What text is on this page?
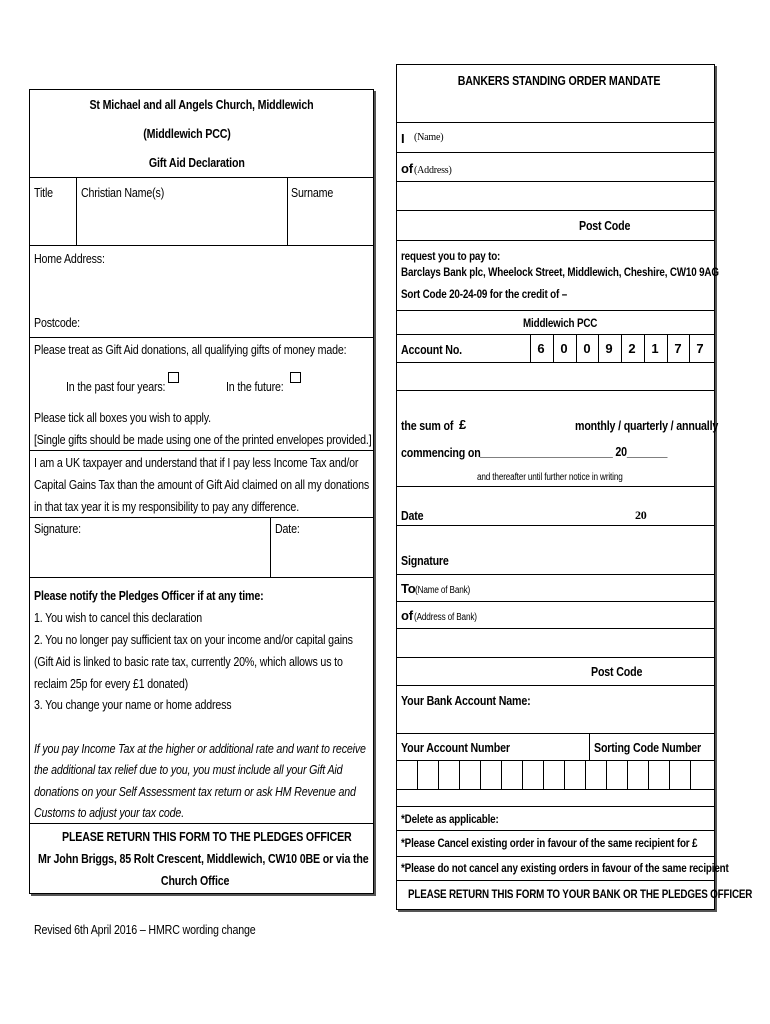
St Michael and all Angels Church, Middlewich
(Middlewich PCC)
Gift Aid Declaration
Title Christian Name(s)	Surname
Home Address:
Postcode:
Please treat as Gift Aid donations, all qualifying gifts of money made:
In the past four years:	In the future:
Please tick all boxes you wish to apply.
[Single gifts should be made using one of the printed envelopes provided.]
I am a UK taxpayer and understand that if I pay less Income Tax and/or
Capital Gains Tax than the amount of Gift Aid claimed on all my donations
in that tax year it is my responsibility to pay any difference.
Signature:	Date:
Please notify the Pledges Officer if at any time:
1. You wish to cancel this declaration
2. You no longer pay sufficient tax on your income and/or capital gains
(Gift Aid is linked to basic rate tax, currently 20%, which allows us to
reclaim 25p for every £1 donated)
3. You change your name or home address
If you pay Income Tax at the higher or additional rate and want to receive
the additional tax relief due to you, you must include all your Gift Aid
donations on your Self Assessment tax return or ask HM Revenue and
Customs to adjust your tax code.
PLEASE RETURN THIS FORM TO THE PLEDGES OFFICER
Mr John Briggs, 85 Rolt Crescent, Middlewich, CW10 0BE or via the
Church Office
Revised 6th April 2016 – HMRC wording change
BANKERS STANDING ORDER MANDATE
I (Name)
of (Address)
Post Code
request you to pay to:
Barclays Bank plc, Wheelock Street, Middlewich, Cheshire, CW10 9AG
Sort Code 20-24-09 for the credit of –
Middlewich PCC
Account No.	6	0	0	9	2	1	7	7
the sum of £	monthly / quarterly / annually
commencing on _______________________ 20_______
and thereafter until further notice in writing
Date	20
Signature
To (Name of Bank)
of (Address of Bank)
Post Code
Your Bank Account Name:
Your Account Number	Sorting Code Number
*Delete as applicable:
*Please Cancel existing order in favour of the same recipient for £
*Please do not cancel any existing orders in favour of the same recipient
PLEASE RETURN THIS FORM TO YOUR BANK OR THE PLEDGES OFFICER
